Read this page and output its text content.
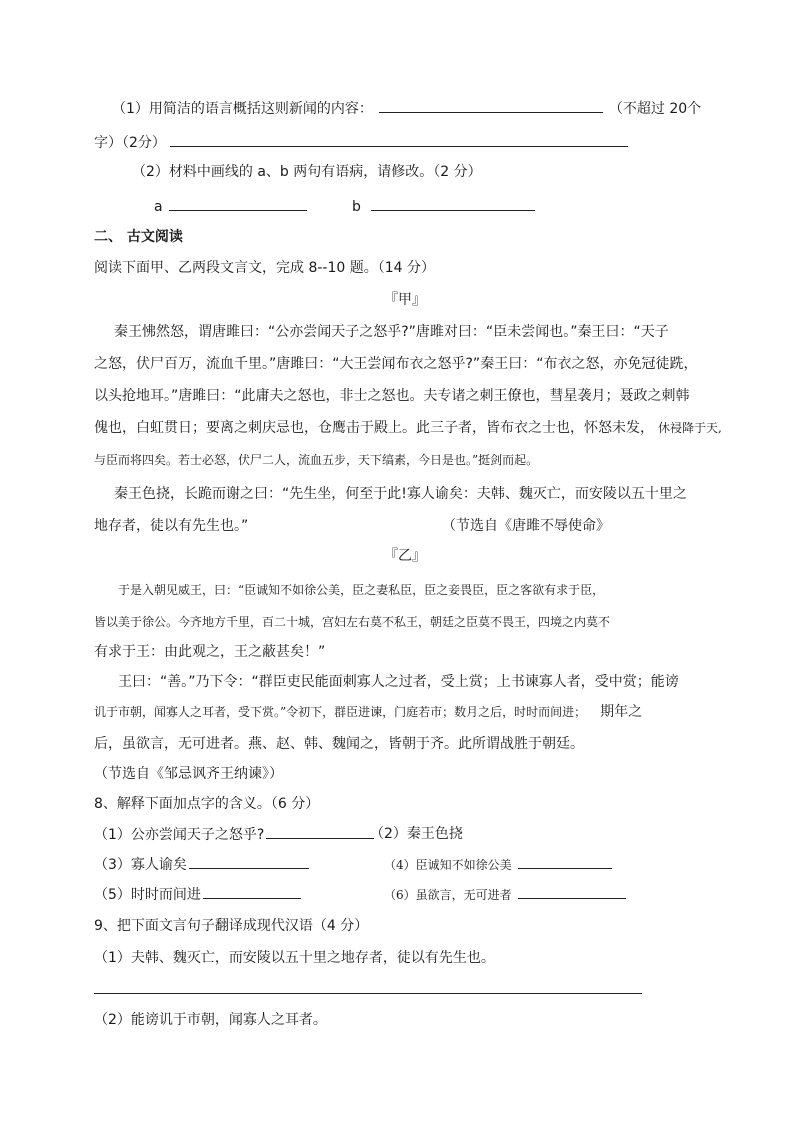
（1）用简洁的语言概括这则新闻的内容：	（不超过 20个
字）（2分）
（2）材料中画线的 a、b 两句有语病，请修改。（2 分）
a	b
二、 古文阅读
阅读下面甲、乙两段文言文，完成 8--10 题。（14 分）
『甲』
秦王怫然怒，谓唐雎曰：“公亦尝闻天子之怒乎?”唐雎对曰：“臣未尝闻也。”秦王曰：“天子
之怒，伏尸百万，流血千里。”唐雎曰：“大王尝闻布衣之怒乎?”秦王曰：“布衣之怒，亦免冠徒跣，
以头抢地耳。”唐雎曰：“此庸夫之怒也，非士之怒也。夫专诸之刺王僚也，彗星袭月；聂政之刺韩
傀也，白虹贯日；要离之刺庆忌也，仓鹰击于殿上。此三子者，皆布衣之士也，怀怒未发， 休祲降于天,
与臣而将四矣。若士必怒，伏尸二人，流血五步，天下缟素，今日是也。”挺剑而起。
秦王色挠，长跪而谢之曰：“先生坐，何至于此!寡人谕矣：夫韩、魏灭亡，而安陵以五十里之
地存者，徒以有先生也。”	（节选自《唐雎不辱使命》
『乙』
于是入朝见威王，曰：“臣诚知不如徐公美，臣之妻私臣，臣之妾畏臣，臣之客欲有求于臣，
皆以美于徐公。今齐地方千里，百二十城，宫妇左右莫不私王，朝廷之臣莫不畏王，四境之内莫不
有求于王：由此观之，王之蔽甚矣！”
王曰：“善。”乃下令：“群臣吏民能面刺寡人之过者，受上赏；上书谏寡人者，受中赏；能谤
讥于市朝，闻寡人之耳者，受下赏。”令初下，群臣进谏，门庭若市；数月之后，时时而间进； 期年之
后，虽欲言，无可进者。燕、赵、韩、魏闻之，皆朝于齐。此所谓战胜于朝廷。
（节选自《邹忌讽齐王纳谏》）
8、解释下面加点字的含义。（6 分）
（1）公亦尝闻天子之怒乎?	（2）秦王色挠
（3）寡人谕矣	（4）臣诚知不如徐公美
（5）时时而间进	（6）虽欲言，无可进者
9、把下面文言句子翻译成现代汉语（4 分）
（1）夫韩、魏灭亡，而安陵以五十里之地存者，徒以有先生也。
（2）能谤讥于市朝，闻寡人之耳者。
